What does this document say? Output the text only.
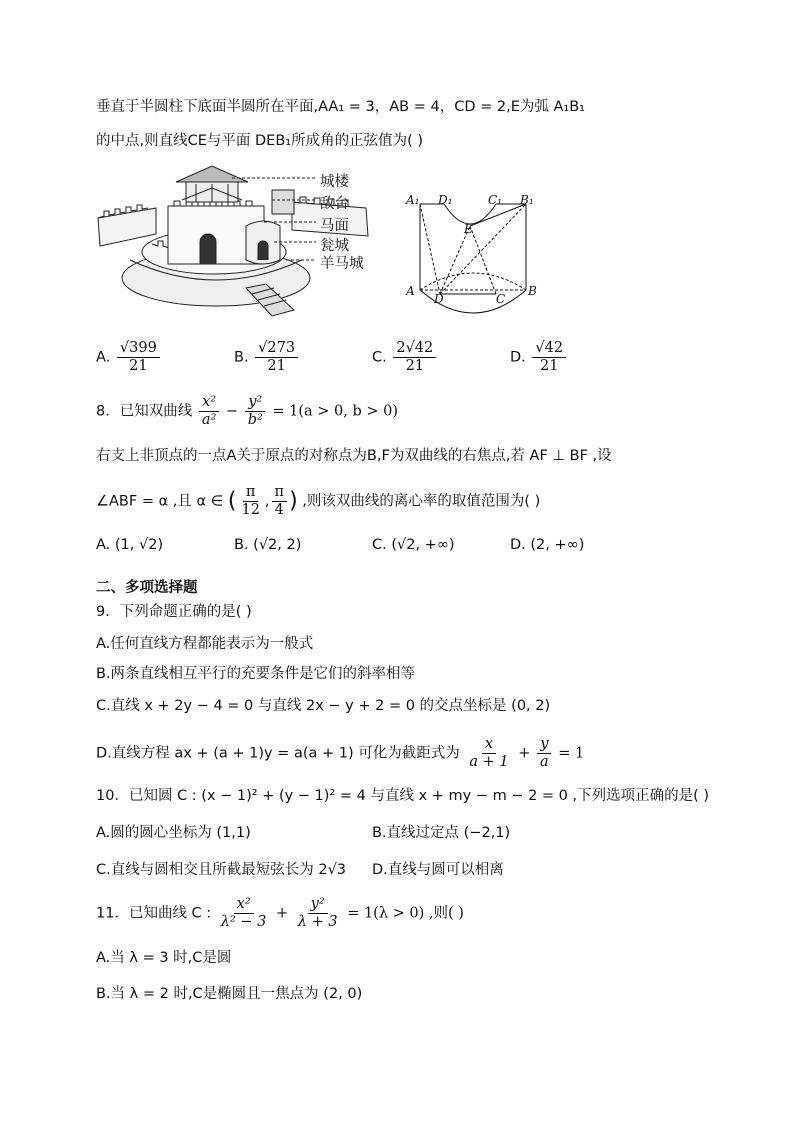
垂直于半圆柱下底面半圆所在平面,AA₁ = 3，AB = 4，CD = 2,E为弧 A₁B₁
的中点,则直线CE与平面 DEB₁所成角的正弦值为( )
城楼
敌台
马面
瓮城
羊马城
A₁ D₁	C₁ B₁
E
A
D	C
B
A. $\frac{√399}{21}$	B. $\frac{√273}{21}$	C. $\frac{2√42}{21}$	D. $\frac{√42}{21}$
8．已知双曲线 $\frac{\text{x²}}{\text{a²}} - \frac{\text{y²}}{\text{b²}} = 1(a > 0$, b > 0)
右支上非顶点的一点A关于原点的对称点为B,F为双曲线的右焦点,若 AF ⊥ BF ,设
∠ABF = α ,且 α ∈ ( $\frac{\pi}{12}$ , $\frac{\pi}{4}$ ) ,则该双曲线的离心率的取值范围为( )
A. (1, √2)	B. (√2, 2)	C. (√2, +∞)	D. (2, +∞)
二、多项选择题
9．下列命题正确的是( )
A.任何直线方程都能表示为一般式
B.两条直线相互平行的充要条件是它们的斜率相等
C.直线 x + 2y − 4 = 0 与直线 2x − y + 2 = 0 的交点坐标是 (0, 2)
D.直线方程 ax + (a + 1)y = a(a + 1) 可化为截距式为 $\frac{x}{a + 1} + \frac{y}{a} = 1$
10．已知圆 C : (x − 1)² + (y − 1)² = 4 与直线 x + my − m − 2 = 0 ,下列选项正确的是( )
A.圆的圆心坐标为 (1,1)	B.直线过定点 (−2,1)
C.直线与圆相交且所截最短弦长为 2√3 D.直线与圆可以相离
11．已知曲线 C : $\frac{\text{x²}}{\text{λ² − 3}} + \frac{\text{y²}}{\lambda + 3} = 1(\lambda > 0)$ ,则( )
A.当 λ = 3 时,C是圆
B.当 λ = 2 时,C是椭圆且一焦点为 (2, 0)
